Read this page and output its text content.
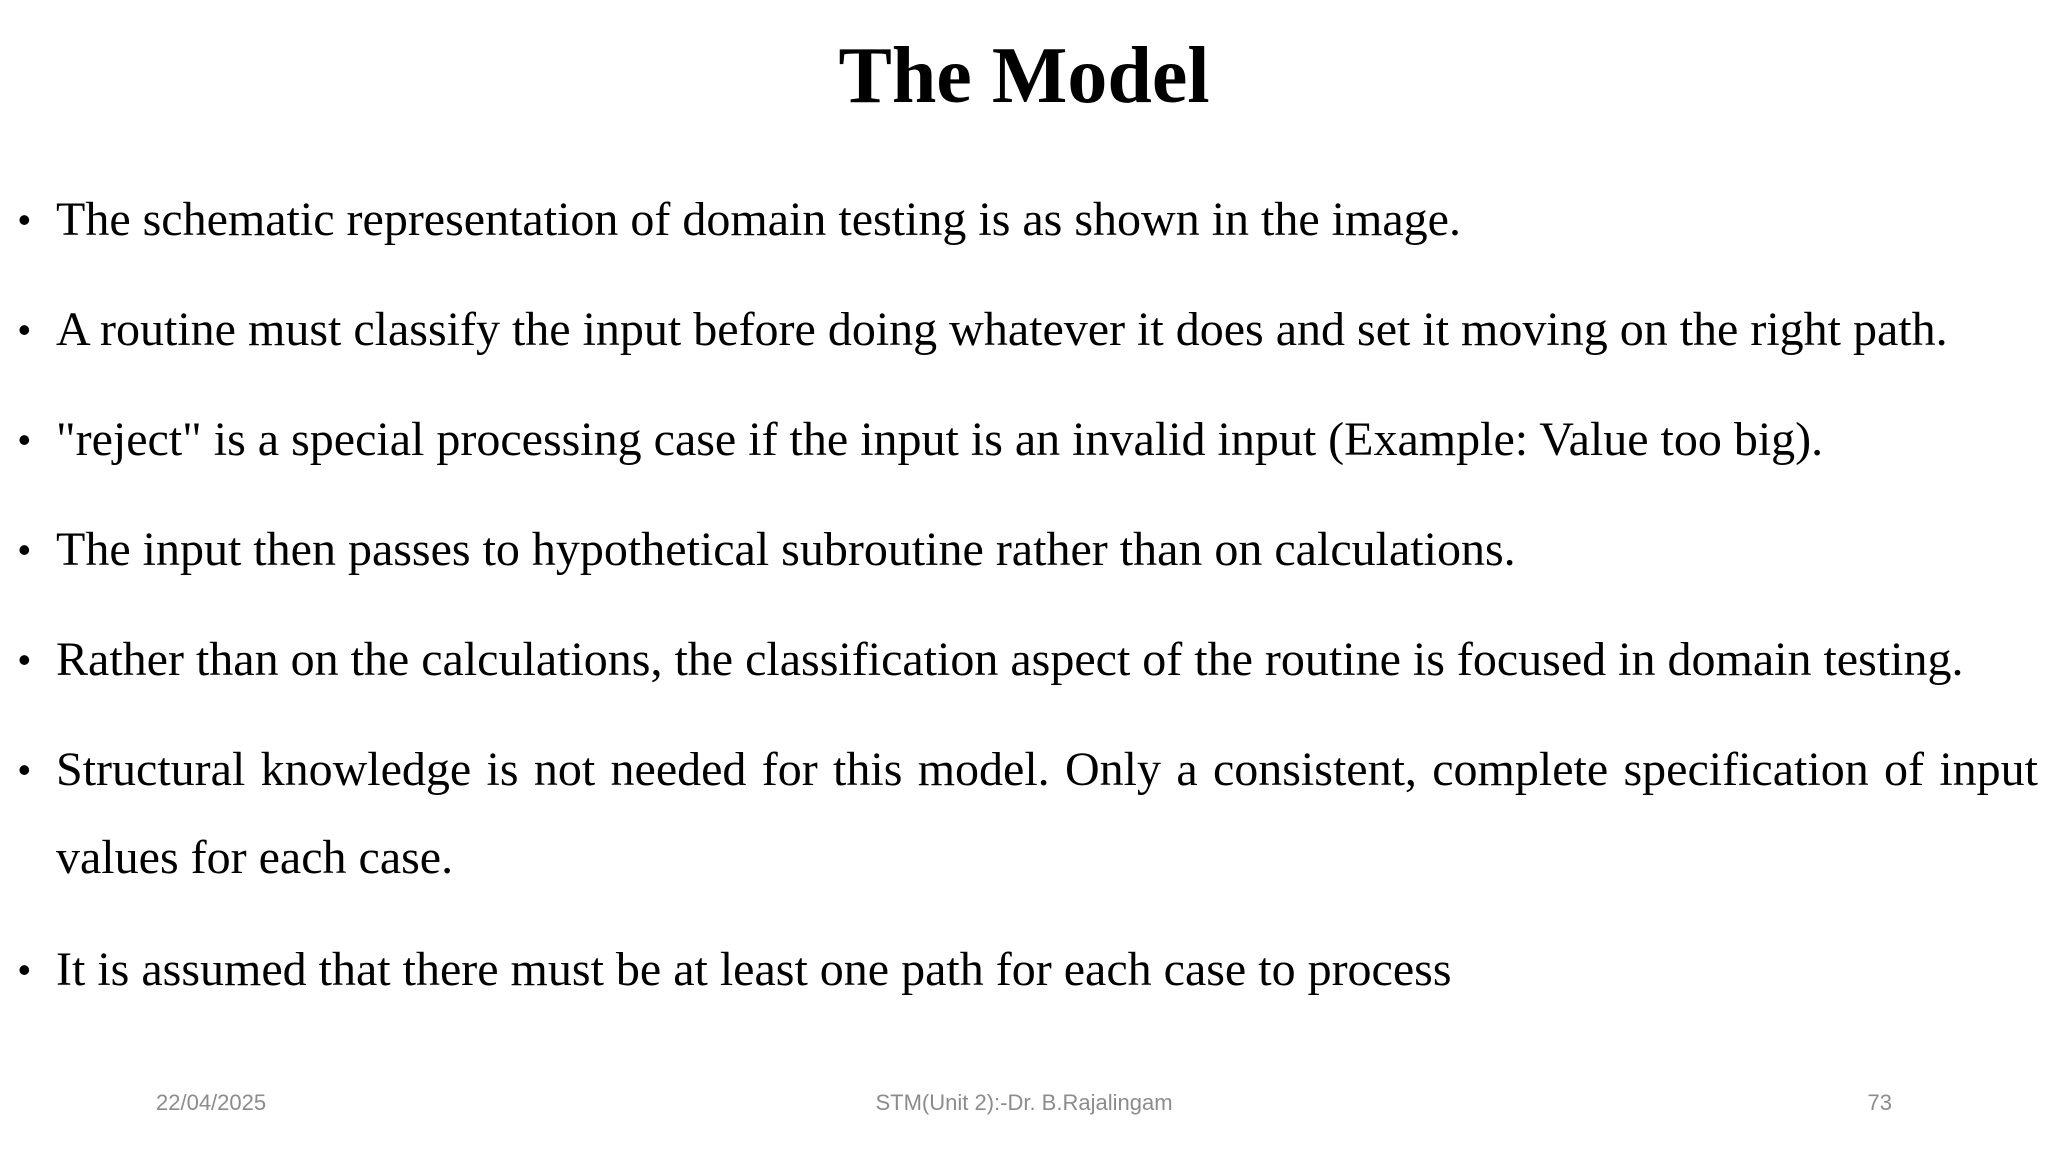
The Model
• The schematic representation of domain testing is as shown in the image.
• A routine must classify the input before doing whatever it does and set it moving on the right path.
• "reject" is a special processing case if the input is an invalid input (Example: Value too big).
• The input then passes to hypothetical subroutine rather than on calculations.
• Rather than on the calculations, the classification aspect of the routine is focused in domain testing.
• Structural knowledge is not needed for this model. Only a consistent, complete specification of input values for each case.
• It is assumed that there must be at least one path for each case to process
22/04/2025	STM(Unit 2):-Dr. B.Rajalingam	73
